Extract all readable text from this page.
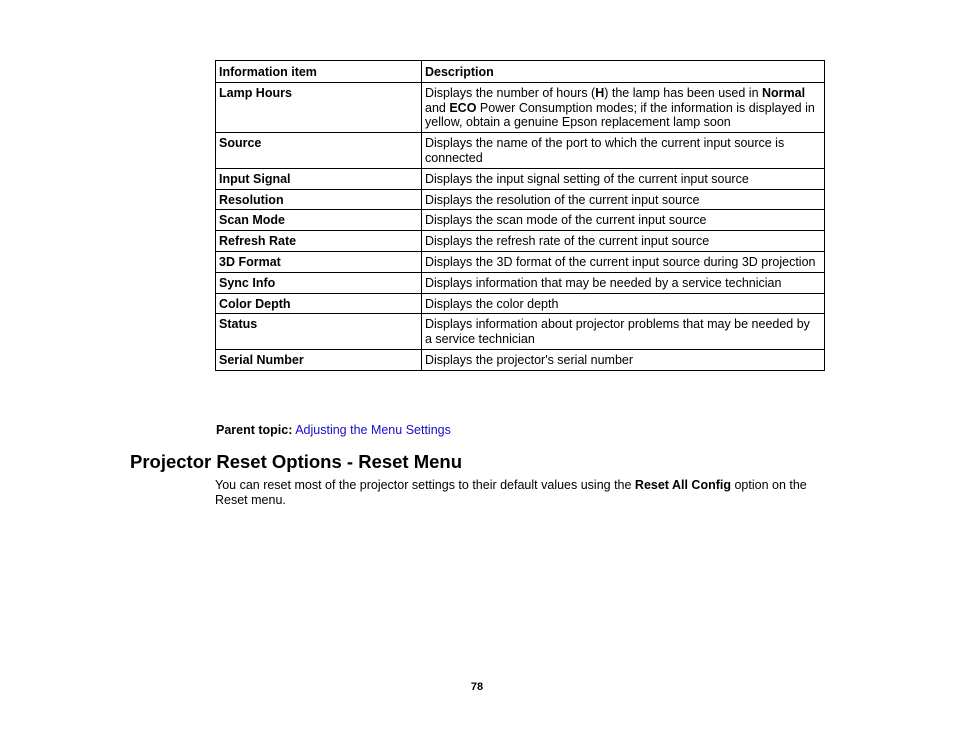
Information item	Description
Lamp Hours	Displays the number of hours (H) the lamp has been used in Normal and ECO Power Consumption modes; if the information is displayed in yellow, obtain a genuine Epson replacement lamp soon
Source	Displays the name of the port to which the current input source is connected
Input Signal	Displays the input signal setting of the current input source
Resolution	Displays the resolution of the current input source
Scan Mode	Displays the scan mode of the current input source
Refresh Rate	Displays the refresh rate of the current input source
3D Format	Displays the 3D format of the current input source during 3D projection
Sync Info	Displays information that may be needed by a service technician
Color Depth	Displays the color depth
Status	Displays information about projector problems that may be needed by a service technician
Serial Number	Displays the projector's serial number
Parent topic: Adjusting the Menu Settings
Projector Reset Options - Reset Menu

You can reset most of the projector settings to their default values using the Reset All Config option on the Reset menu.

78
